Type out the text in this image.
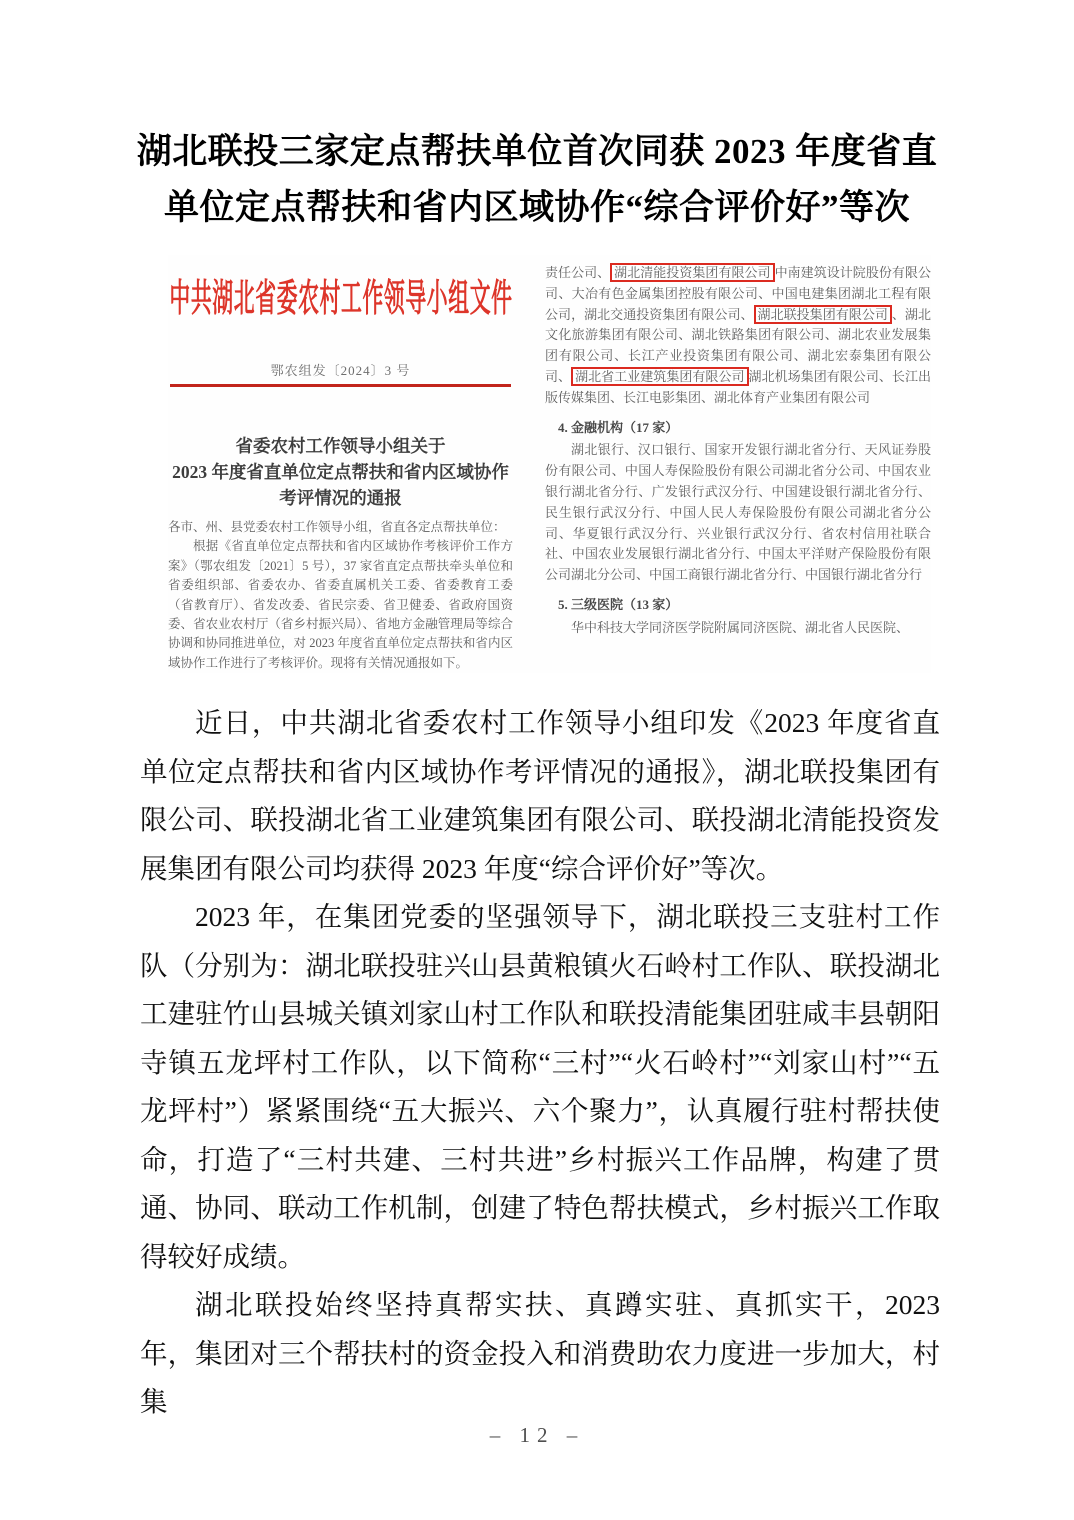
湖北联投三家定点帮扶单位首次同获 2023 年度省直
单位定点帮扶和省内区域协作“综合评价好”等次
中共湖北省委农村工作领导小组文件
鄂农组发〔2024〕3 号
省委农村工作领导小组关于
2023 年度省直单位定点帮扶和省内区域协作
考评情况的通报

各市、州、县党委农村工作领导小组，省直各定点帮扶单位：

根据《省直单位定点帮扶和省内区域协作考核评价工作方案》（鄂农组发〔2021〕5 号），37 家省直定点帮扶牵头单位和省委组织部、省委农办、省委直属机关工委、省委教育工委（省教育厅）、省发改委、省民宗委、省卫健委、省政府国资委、省农业农村厅（省乡村振兴局）、省地方金融管理局等综合协调和协同推进单位，对 2023 年度省直单位定点帮扶和省内区域协作工作进行了考核评价。现将有关情况通报如下。

责任公司、 湖北清能投资集团有限公司 中南建筑设计院股份有限公司、大冶有色金属集团控股有限公司、中国电建集团湖北工程有限公司，湖北交通投资集团有限公司、 湖北联投集团有限公司 、湖北文化旅游集团有限公司、湖北铁路集团有限公司、湖北农业发展集团有限公司、长江产业投资集团有限公司、湖北宏泰集团有限公司、 湖北省工业建筑集团有限公司 湖北机场集团有限公司、长江出版传媒集团、长江电影集团、湖北体育产业集团有限公司

4. 金融机构（17 家）

湖北银行、汉口银行、国家开发银行湖北省分行、天风证券股份有限公司、中国人寿保险股份有限公司湖北省分公司、中国农业银行湖北省分行、广发银行武汉分行、中国建设银行湖北省分行、民生银行武汉分行、中国人民人寿保险股份有限公司湖北省分公司、华夏银行武汉分行、兴业银行武汉分行、省农村信用社联合社、中国农业发展银行湖北省分行、中国太平洋财产保险股份有限公司湖北分公司、中国工商银行湖北省分行、中国银行湖北省分行

5. 三级医院（13 家）

华中科技大学同济医学院附属同济医院、湖北省人民医院、

近日，中共湖北省委农村工作领导小组印发《2023 年度省直单位定点帮扶和省内区域协作考评情况的通报》，湖北联投集团有限公司、联投湖北省工业建筑集团有限公司、联投湖北清能投资发展集团有限公司均获得 2023 年度“综合评价好”等次。

2023 年，在集团党委的坚强领导下，湖北联投三支驻村工作队（分别为：湖北联投驻兴山县黄粮镇火石岭村工作队、联投湖北工建驻竹山县城关镇刘家山村工作队和联投清能集团驻咸丰县朝阳寺镇五龙坪村工作队，以下简称“三村”“火石岭村”“刘家山村”“五龙坪村”）紧紧围绕“五大振兴、六个聚力”，认真履行驻村帮扶使命，打造了“三村共建、三村共进”乡村振兴工作品牌，构建了贯通、协同、联动工作机制，创建了特色帮扶模式，乡村振兴工作取得较好成绩。

湖北联投始终坚持真帮实扶、真蹲实驻、真抓实干，2023 年，集团对三个帮扶村的资金投入和消费助农力度进一步加大，村集

– 12 –
